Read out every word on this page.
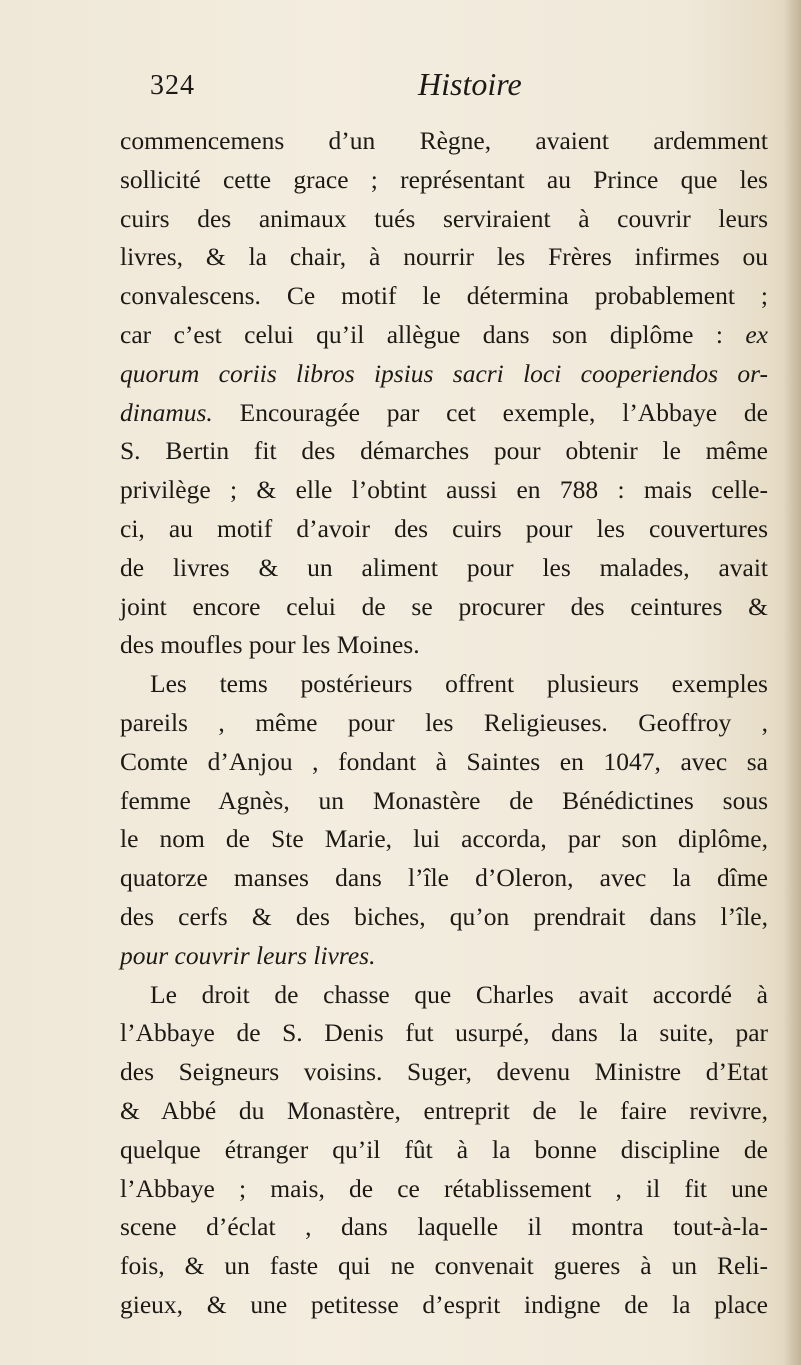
324	Histoire
commencemens d’un Règne, avaient ardemment
sollicité cette grace ; représentant au Prince que les
cuirs des animaux tués serviraient à couvrir leurs
livres, & la chair, à nourrir les Frères infirmes ou
convalescens. Ce motif le détermina probablement ;
car c’est celui qu’il allègue dans son diplôme : ex
quorum coriis libros ipsius sacri loci cooperiendos or-
dinamus. Encouragée par cet exemple, l’Abbaye de
S. Bertin fit des démarches pour obtenir le même
privilège ; & elle l’obtint aussi en 788 : mais celle-
ci, au motif d’avoir des cuirs pour les couvertures
de livres & un aliment pour les malades, avait
joint encore celui de se procurer des ceintures &
des moufles pour les Moines.
Les tems postérieurs offrent plusieurs exemples
pareils , même pour les Religieuses. Geoffroy ,
Comte d’Anjou , fondant à Saintes en 1047, avec sa
femme Agnès, un Monastère de Bénédictines sous
le nom de Ste Marie, lui accorda, par son diplôme,
quatorze manses dans l’île d’Oleron, avec la dîme
des cerfs & des biches, qu’on prendrait dans l’île,
pour couvrir leurs livres.
Le droit de chasse que Charles avait accordé à
l’Abbaye de S. Denis fut usurpé, dans la suite, par
des Seigneurs voisins. Suger, devenu Ministre d’Etat
& Abbé du Monastère, entreprit de le faire revivre,
quelque étranger qu’il fût à la bonne discipline de
l’Abbaye ; mais, de ce rétablissement , il fit une
scene d’éclat , dans laquelle il montra tout-à-la-
fois, & un faste qui ne convenait gueres à un Reli-
gieux, & une petitesse d’esprit indigne de la place
